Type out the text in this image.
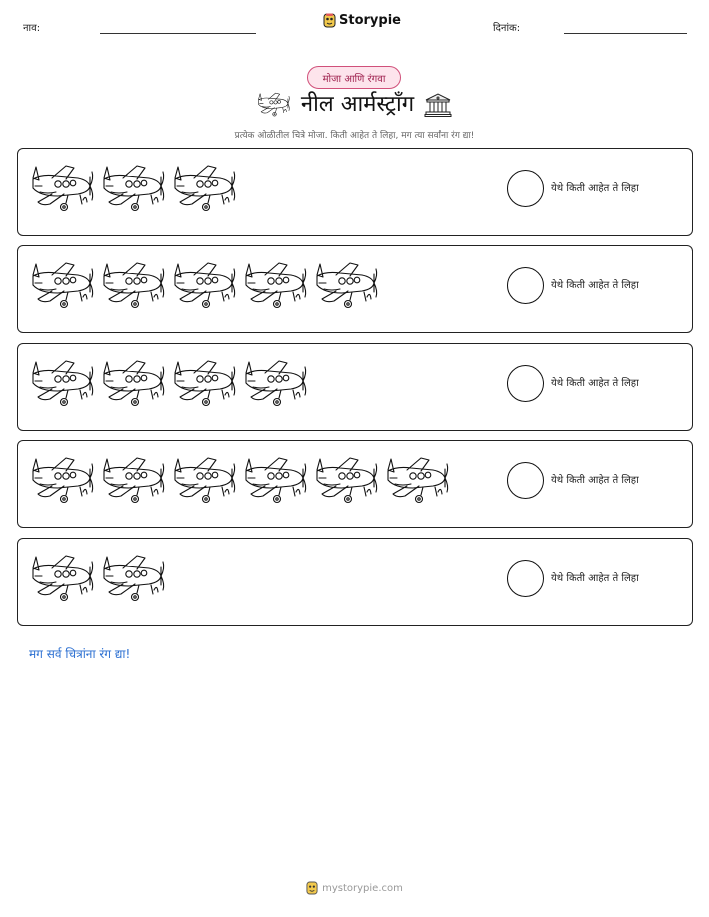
नाव:
Storypie
दिनांक:
मोजा आणि रंगवा
नील आर्मस्ट्राँग
प्रत्येक ओळीतील चित्रे मोजा. किती आहेत ते लिहा, मग त्या सर्वांना रंग द्या!
येथे किती आहेत ते लिहा
येथे किती आहेत ते लिहा
येथे किती आहेत ते लिहा
येथे किती आहेत ते लिहा
येथे किती आहेत ते लिहा
मग सर्व चित्रांना रंग द्या!
mystorypie.com
